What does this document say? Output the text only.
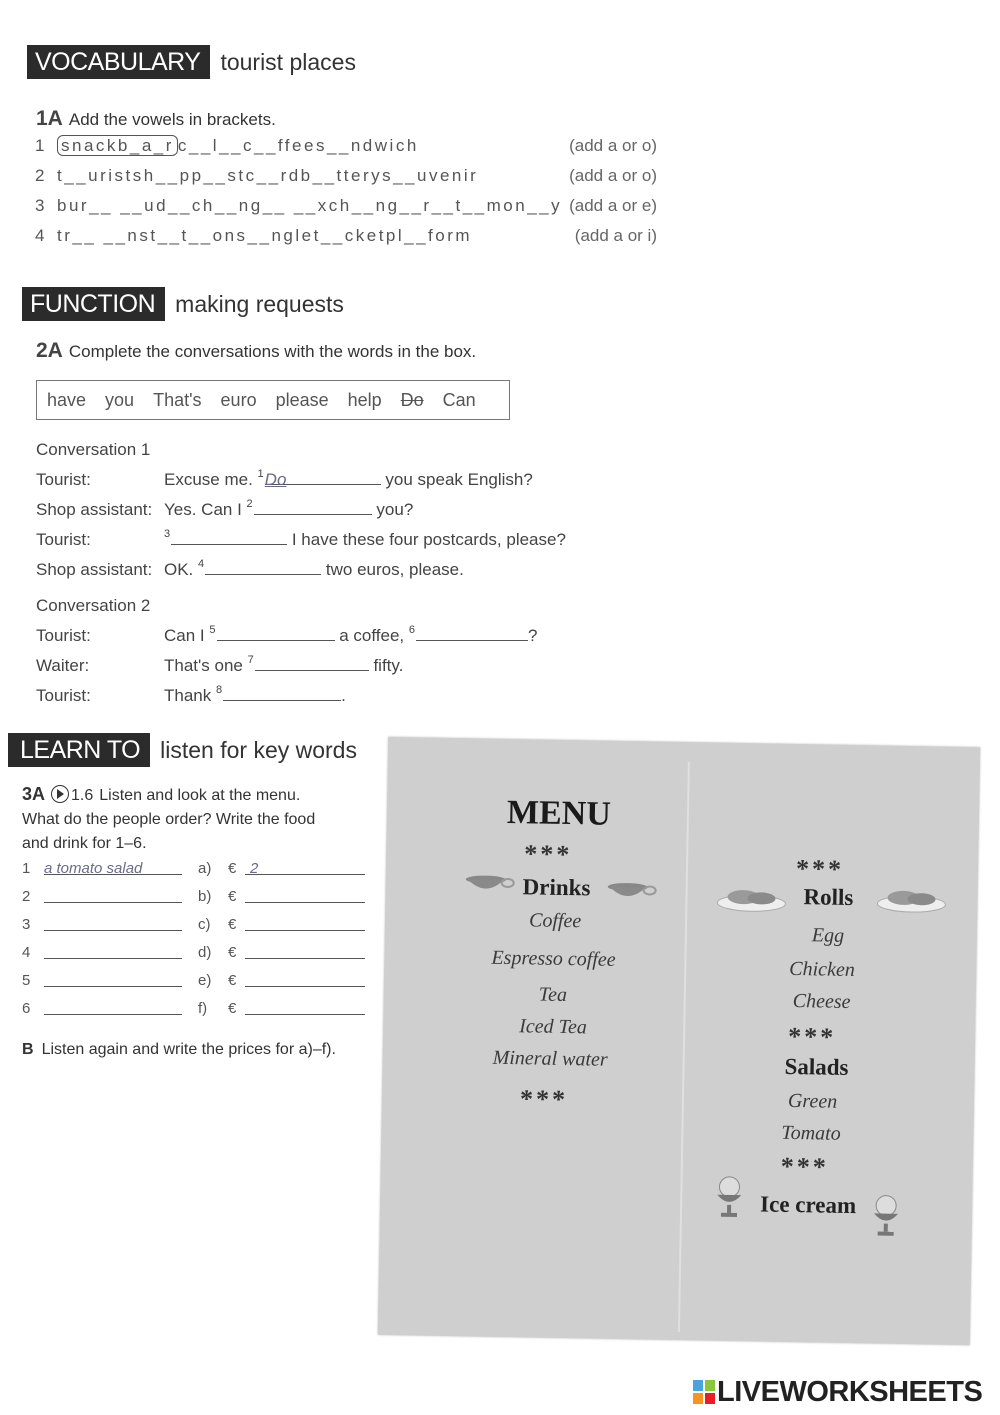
VOCABULARY tourist places
1A Add the vowels in brackets.
1 snackb_a_r c__l__c__ffees__ndwich	(add a or o)
2 t__uristsh__pp__stc__rdb__tterys__uvenir	(add a or o)
3 bur__ __ud__ch__ng__ __xch__ng__r__t__mon__y (add a or e)
4 tr__ __nst__t__ons__nglet__cketpl__form	(add a or i)
FUNCTION making requests
2A Complete the conversations with the words in the box.
have you That's euro please help Do Can
Conversation 1
Tourist:	Excuse me. $^1$Do	you speak English?
Shop assistant: Yes. Can I $^2$	you?
Tourist:	$^3$	I have these four postcards, please?
Shop assistant: OK. $^4$	two euros, please.
Conversation 2
Tourist:	Can I $^5$	a coffee, $^6$	?
Waiter:	That's one $^7$	fifty.
Tourist:	Thank $^8$	.
LEARN TO listen for key words
3A 1.6 Listen and look at the menu.
What do the people order? Write the food
and drink for 1–6.
1 a tomato salad	a) € 2
2	b) €
3	c) €
4	d) €
5	e) €
6	f) €
B Listen again and write the prices for a)–f).
MENU
***
Drinks
Coffee
Espresso coffee
Tea
Iced Tea
Mineral water
***
***
Rolls
Egg
Chicken
Cheese
***
Salads
Green
Tomato
***
Ice cream
LIVEWORKSHEETS
